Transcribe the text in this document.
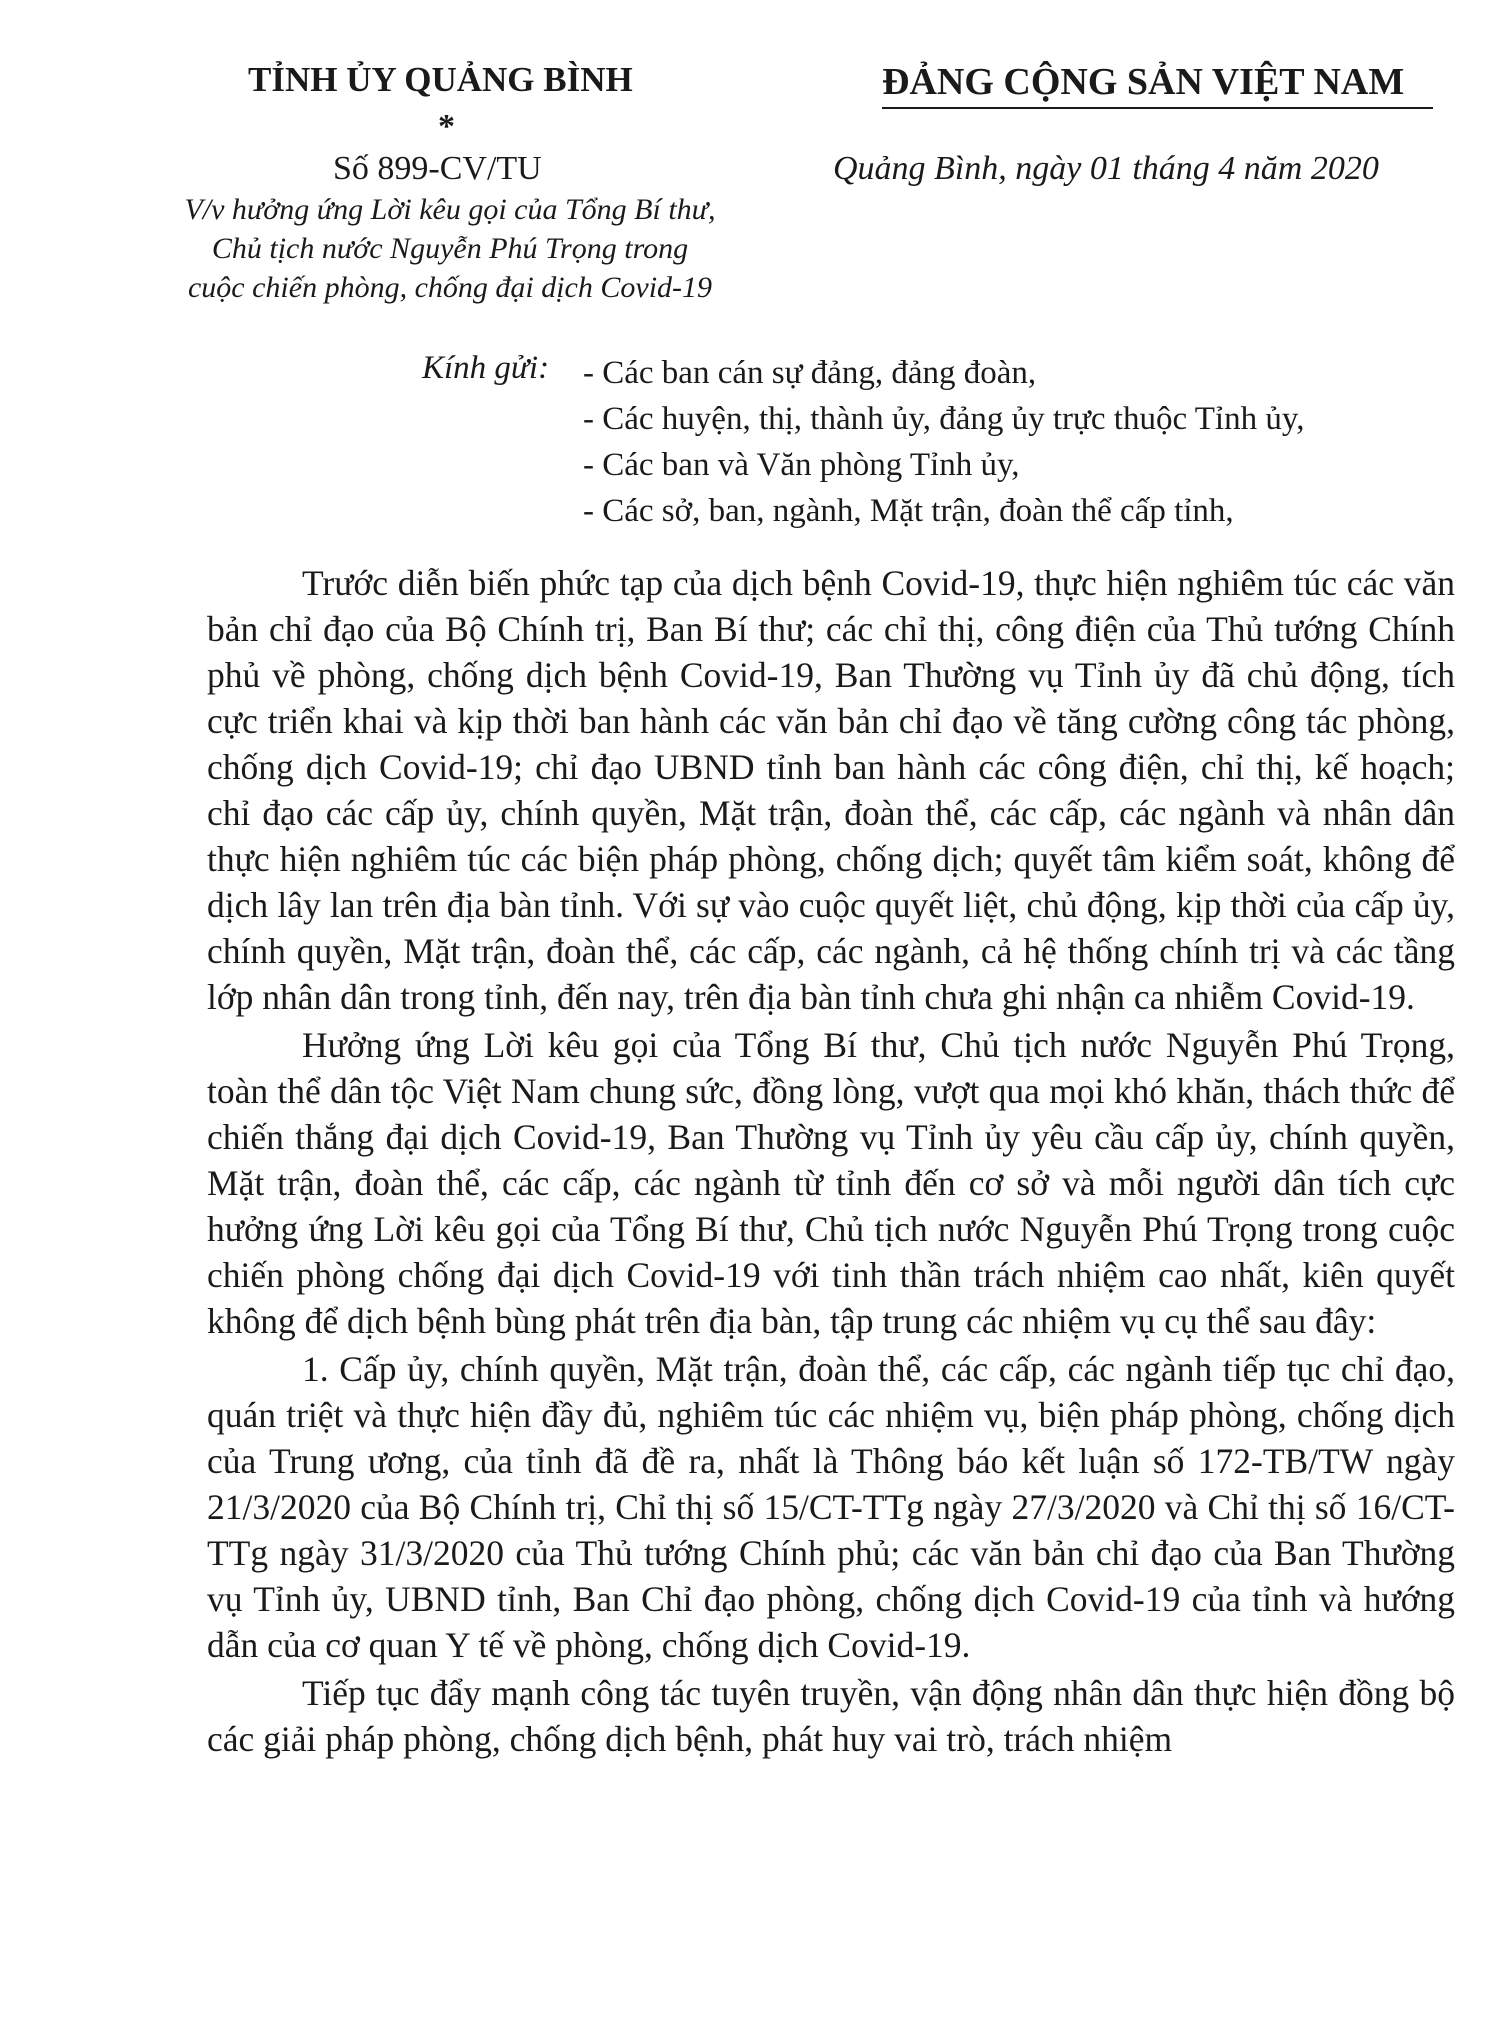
TỈNH ỦY QUẢNG BÌNH
*
Số 899-CV/TU
V/v hưởng ứng Lời kêu gọi của Tổng Bí thư,
Chủ tịch nước Nguyễn Phú Trọng trong
cuộc chiến phòng, chống đại dịch Covid-19
ĐẢNG CỘNG SẢN VIỆT NAM
Quảng Bình, ngày 01 tháng 4 năm 2020
Kính gửi: - Các ban cán sự đảng, đảng đoàn,
- Các huyện, thị, thành ủy, đảng ủy trực thuộc Tỉnh ủy,
- Các ban và Văn phòng Tỉnh ủy,
- Các sở, ban, ngành, Mặt trận, đoàn thể cấp tỉnh,

Trước diễn biến phức tạp của dịch bệnh Covid-19, thực hiện nghiêm túc các văn bản chỉ đạo của Bộ Chính trị, Ban Bí thư; các chỉ thị, công điện của Thủ tướng Chính phủ về phòng, chống dịch bệnh Covid-19, Ban Thường vụ Tỉnh ủy đã chủ động, tích cực triển khai và kịp thời ban hành các văn bản chỉ đạo về tăng cường công tác phòng, chống dịch Covid-19; chỉ đạo UBND tỉnh ban hành các công điện, chỉ thị, kế hoạch; chỉ đạo các cấp ủy, chính quyền, Mặt trận, đoàn thể, các cấp, các ngành và nhân dân thực hiện nghiêm túc các biện pháp phòng, chống dịch; quyết tâm kiểm soát, không để dịch lây lan trên địa bàn tỉnh. Với sự vào cuộc quyết liệt, chủ động, kịp thời của cấp ủy, chính quyền, Mặt trận, đoàn thể, các cấp, các ngành, cả hệ thống chính trị và các tầng lớp nhân dân trong tỉnh, đến nay, trên địa bàn tỉnh chưa ghi nhận ca nhiễm Covid-19.

Hưởng ứng Lời kêu gọi của Tổng Bí thư, Chủ tịch nước Nguyễn Phú Trọng, toàn thể dân tộc Việt Nam chung sức, đồng lòng, vượt qua mọi khó khăn, thách thức để chiến thắng đại dịch Covid-19, Ban Thường vụ Tỉnh ủy yêu cầu cấp ủy, chính quyền, Mặt trận, đoàn thể, các cấp, các ngành từ tỉnh đến cơ sở và mỗi người dân tích cực hưởng ứng Lời kêu gọi của Tổng Bí thư, Chủ tịch nước Nguyễn Phú Trọng trong cuộc chiến phòng chống đại dịch Covid-19 với tinh thần trách nhiệm cao nhất, kiên quyết không để dịch bệnh bùng phát trên địa bàn, tập trung các nhiệm vụ cụ thể sau đây:

1. Cấp ủy, chính quyền, Mặt trận, đoàn thể, các cấp, các ngành tiếp tục chỉ đạo, quán triệt và thực hiện đầy đủ, nghiêm túc các nhiệm vụ, biện pháp phòng, chống dịch của Trung ương, của tỉnh đã đề ra, nhất là Thông báo kết luận số 172-TB/TW ngày 21/3/2020 của Bộ Chính trị, Chỉ thị số 15/CT-TTg ngày 27/3/2020 và Chỉ thị số 16/CT-TTg ngày 31/3/2020 của Thủ tướng Chính phủ; các văn bản chỉ đạo của Ban Thường vụ Tỉnh ủy, UBND tỉnh, Ban Chỉ đạo phòng, chống dịch Covid-19 của tỉnh và hướng dẫn của cơ quan Y tế về phòng, chống dịch Covid-19.

Tiếp tục đẩy mạnh công tác tuyên truyền, vận động nhân dân thực hiện đồng bộ các giải pháp phòng, chống dịch bệnh, phát huy vai trò, trách nhiệm
